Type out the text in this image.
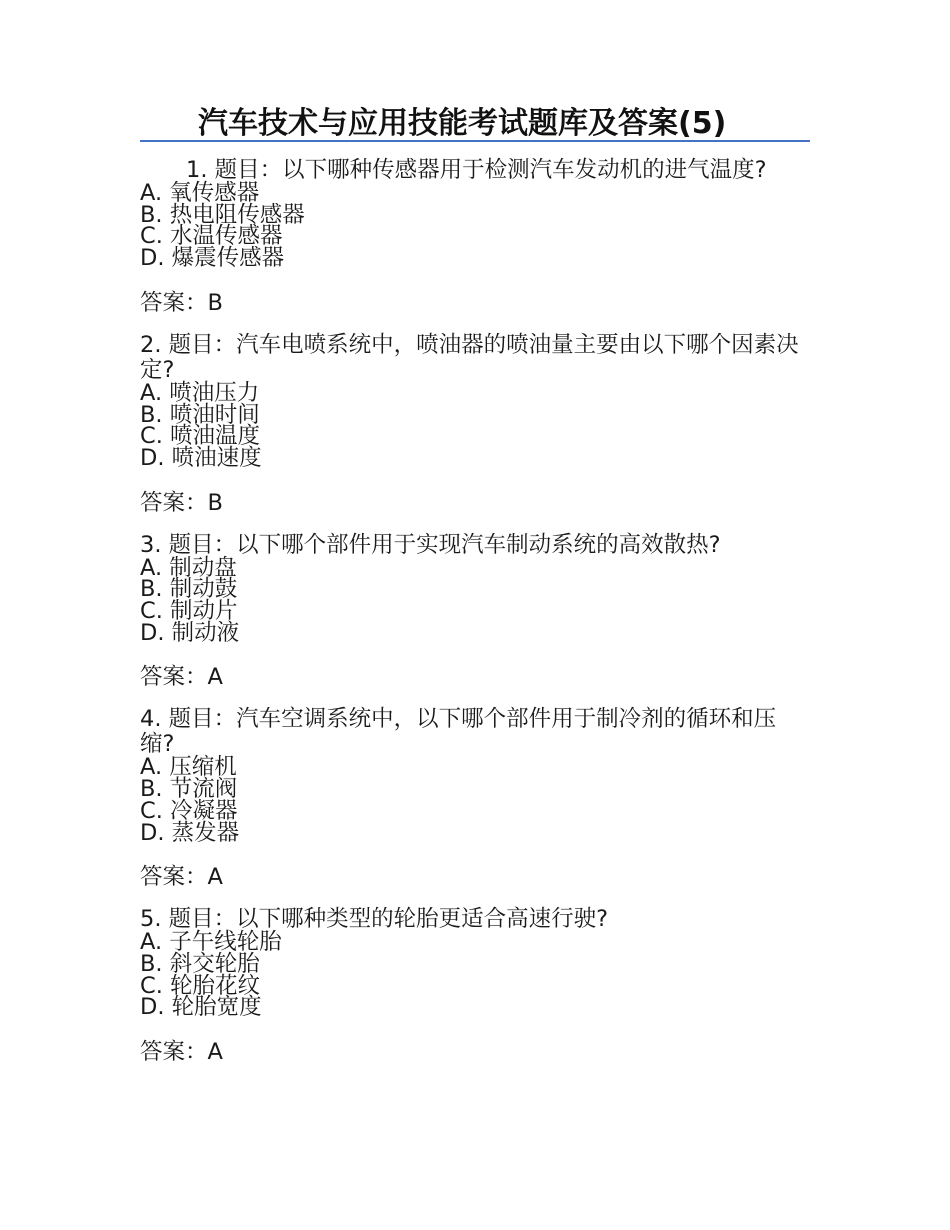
汽车技术与应用技能考试题库及答案(5)

1. 题目：以下哪种传感器用于检测汽车发动机的进气温度?

A. 氧传感器

B. 热电阻传感器

C. 水温传感器

D. 爆震传感器

答案：B

2. 题目：汽车电喷系统中，喷油器的喷油量主要由以下哪个因素决定?

A. 喷油压力

B. 喷油时间

C. 喷油温度

D. 喷油速度

答案：B

3. 题目：以下哪个部件用于实现汽车制动系统的高效散热?

A. 制动盘

B. 制动鼓

C. 制动片

D. 制动液

答案：A

4. 题目：汽车空调系统中，以下哪个部件用于制冷剂的循环和压缩?

A. 压缩机

B. 节流阀

C. 冷凝器

D. 蒸发器

答案：A

5. 题目：以下哪种类型的轮胎更适合高速行驶?

A. 子午线轮胎

B. 斜交轮胎

C. 轮胎花纹

D. 轮胎宽度

答案：A
